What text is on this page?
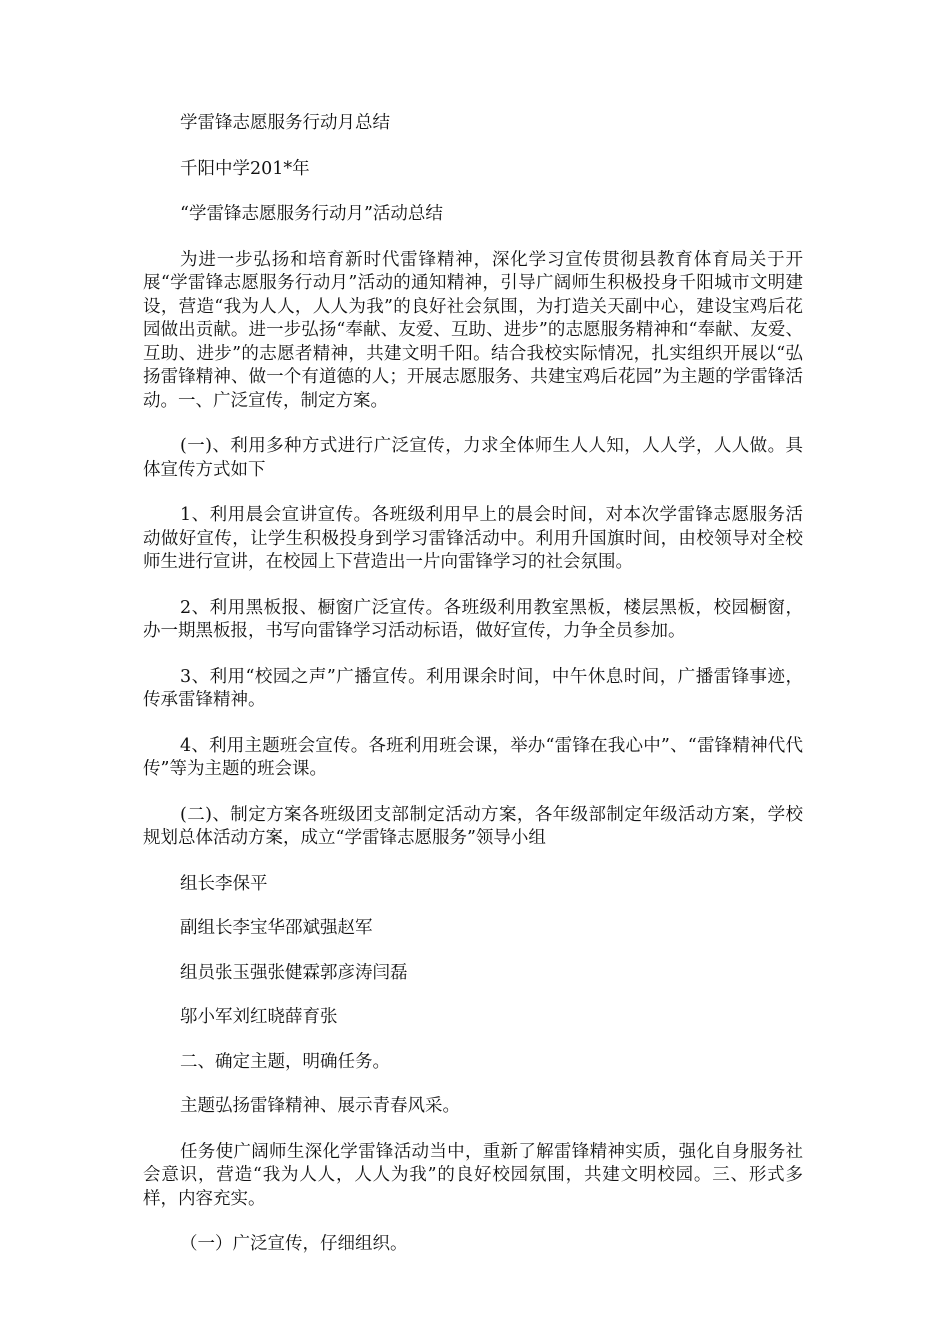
学雷锋志愿服务行动月总结

千阳中学201*年

“学雷锋志愿服务行动月”活动总结

为进一步弘扬和培育新时代雷锋精神，深化学习宣传贯彻县教育体育局关于开展“学雷锋志愿服务行动月”活动的通知精神，引导广阔师生积极投身千阳城市文明建设，营造“我为人人，人人为我”的良好社会氛围，为打造关天副中心，建设宝鸡后花园做出贡献。进一步弘扬“奉献、友爱、互助、进步”的志愿服务精神和“奉献、友爱、互助、进步”的志愿者精神，共建文明千阳。结合我校实际情况，扎实组织开展以“弘扬雷锋精神、做一个有道德的人；开展志愿服务、共建宝鸡后花园”为主题的学雷锋活动。一、广泛宣传，制定方案。

(一)、利用多种方式进行广泛宣传，力求全体师生人人知，人人学，人人做。具体宣传方式如下

1、利用晨会宣讲宣传。各班级利用早上的晨会时间，对本次学雷锋志愿服务活动做好宣传，让学生积极投身到学习雷锋活动中。利用升国旗时间，由校领导对全校师生进行宣讲，在校园上下营造出一片向雷锋学习的社会氛围。

2、利用黑板报、橱窗广泛宣传。各班级利用教室黑板，楼层黑板，校园橱窗，办一期黑板报，书写向雷锋学习活动标语，做好宣传，力争全员参加。

3、利用“校园之声”广播宣传。利用课余时间，中午休息时间，广播雷锋事迹，传承雷锋精神。

4、利用主题班会宣传。各班利用班会课，举办“雷锋在我心中”、“雷锋精神代代传”等为主题的班会课。

(二)、制定方案各班级团支部制定活动方案，各年级部制定年级活动方案，学校规划总体活动方案，成立“学雷锋志愿服务”领导小组

组长李保平

副组长李宝华邵斌强赵军

组员张玉强张健霖郭彦涛闫磊

邬小军刘红晓薛育张

二、确定主题，明确任务。

主题弘扬雷锋精神、展示青春风采。

任务使广阔师生深化学雷锋活动当中，重新了解雷锋精神实质，强化自身服务社会意识，营造“我为人人，人人为我”的良好校园氛围，共建文明校园。三、形式多样，内容充实。

（一）广泛宣传，仔细组织。
